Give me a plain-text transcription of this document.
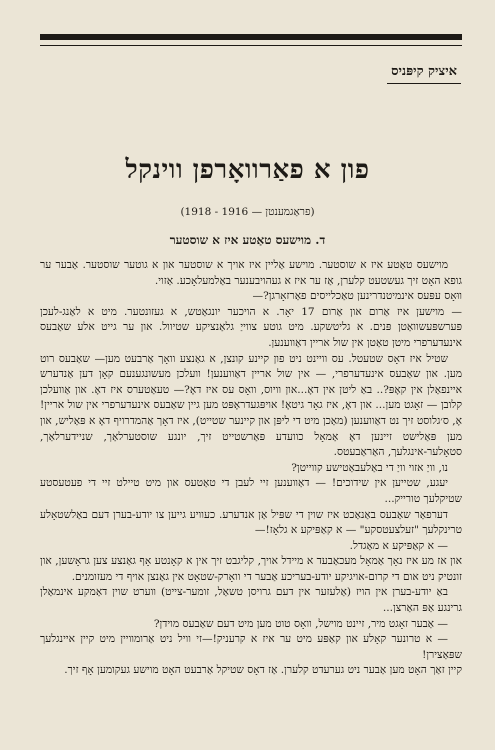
איציק קיפּניס
פון א פאַרוואָרפן ווינקל
(פראַגמענטן — 1916 - 1918)
ד. מוישעס טאַטע איז א שוסטער

מוישעס טאַטע איז א שוסטער. מוישע אַליין איז אויך א שוסטער און א גוטער שוסטער. אַבער ער גופא האָט זיך געשטעט קלערן, אַז ער איז א געהויבענער באַלמעלאָכע. אַזוי.

ווּאָס עפּעס אינמיטנדרינען טאַכלייסים פאַרזאָרגן?—

— מוישען איז אַרום און אַרום 17 יאָר. א הויכער יונגאַטש, א געזונטער. מיט א לאַנג-לעכן פּערשפּעשוואַטן פּנים. א גליטשקע. מיט גוטע צווייַ גלאַנציקע שטיוול. און ער גייט אלע שאַבעס אינעדערפרי מיטן טאַטן אין שול אריין דאַווענען.

שטיל איז דאָס שטעטל. עס וויינט ניט פון קיינע קונצן, א גאַנצע וואָך אַרבעט מען— שאַבעס רוט מען. און שאַבעס אינעדערפרי, — אין שול אריין דאַווענען! וועלכן מעשונגענעם קאָן דען אַנדערש איינפאַלן אין קאָפּ?.. באַ ליטן אין דאָ...און וויוס, וואָס עס איז דאָ?— טעאַטערס איז דאָ. און אַוועלכן קלובן — זאָגט מען... און דאָ, איז גאָר גיטאָ! אויפּגעדראָפּט מען גיין שאַבעס אינעדערפרי אין שול אריין! אָ, ס׳גלוסט זיך נט דאַווענען (מאַכן מיט די ליפּן און קיינער שטייט), איז דאָך אַהמדרויף דאָ א פּאַליש, און מען פּאַלישט זיינען דאָ אַמאָל כוועדע פּאַרשטייט זיך, יונגע שוסטערלאַך, שניידערלאַך, סטאָלער-אינגלעך, האַראַבעטס.

נו, וויַ אזוי וויַ די באַלעבאַטישע קווייטן?

יעגע, שטייען אין שידוכים! — דאַווענען זיי לעבן די טאַטעס און מיט טיילט זיי די פעטעסטע שטיקלעך טורייק...

דערפאַר שאַבעס באַנאַכט איז שוין די שפּיל אַן אנדערע. כעוויע גייען צו יודע-בערן דעם באַלשטאָלע טרינקלעך "זעלצעטסקע" — א קאַפּיקע א גלאָז!—

— א קאַפּיקע א מאַגדל.

און אז מע איז נאָך אַמאָל מעכאַבעד א מיידל אויך, קליגבט זיך אין א קאָנטע אָף גאַנצע צען גראָשען, און זונטיק ניט אום די קרום-אויגיקע יודע-בעריכע אַבער די וואָרק-שטאָט אין גאַנצן אויף די מעזומנים.

באַ יודע-בערן אין הויז (אַלעזער אין דעם גרויסן טשאַל, זומער-צייט) ווערט שוין דאַמקע אינמאַלן גרינגע אַפּ האַרצן...

— אַבער זאָגט מיר, זיינט מוישל, וואָס טוט מען מיט דעם שאַבעס מוידן?

— א טרונער קאָלע און קאַפּע מיט ער איז א קרעניק!—זי וויל ניט אַרומוויין מיט קיין איינגלעך שפּאַצירן!

קיין זאַך האָט מען אַבער ניט גערעדט קלערן. אַז דאָס שטיקל אַרבעט האָט מוישע געקומען אָף זיך.
